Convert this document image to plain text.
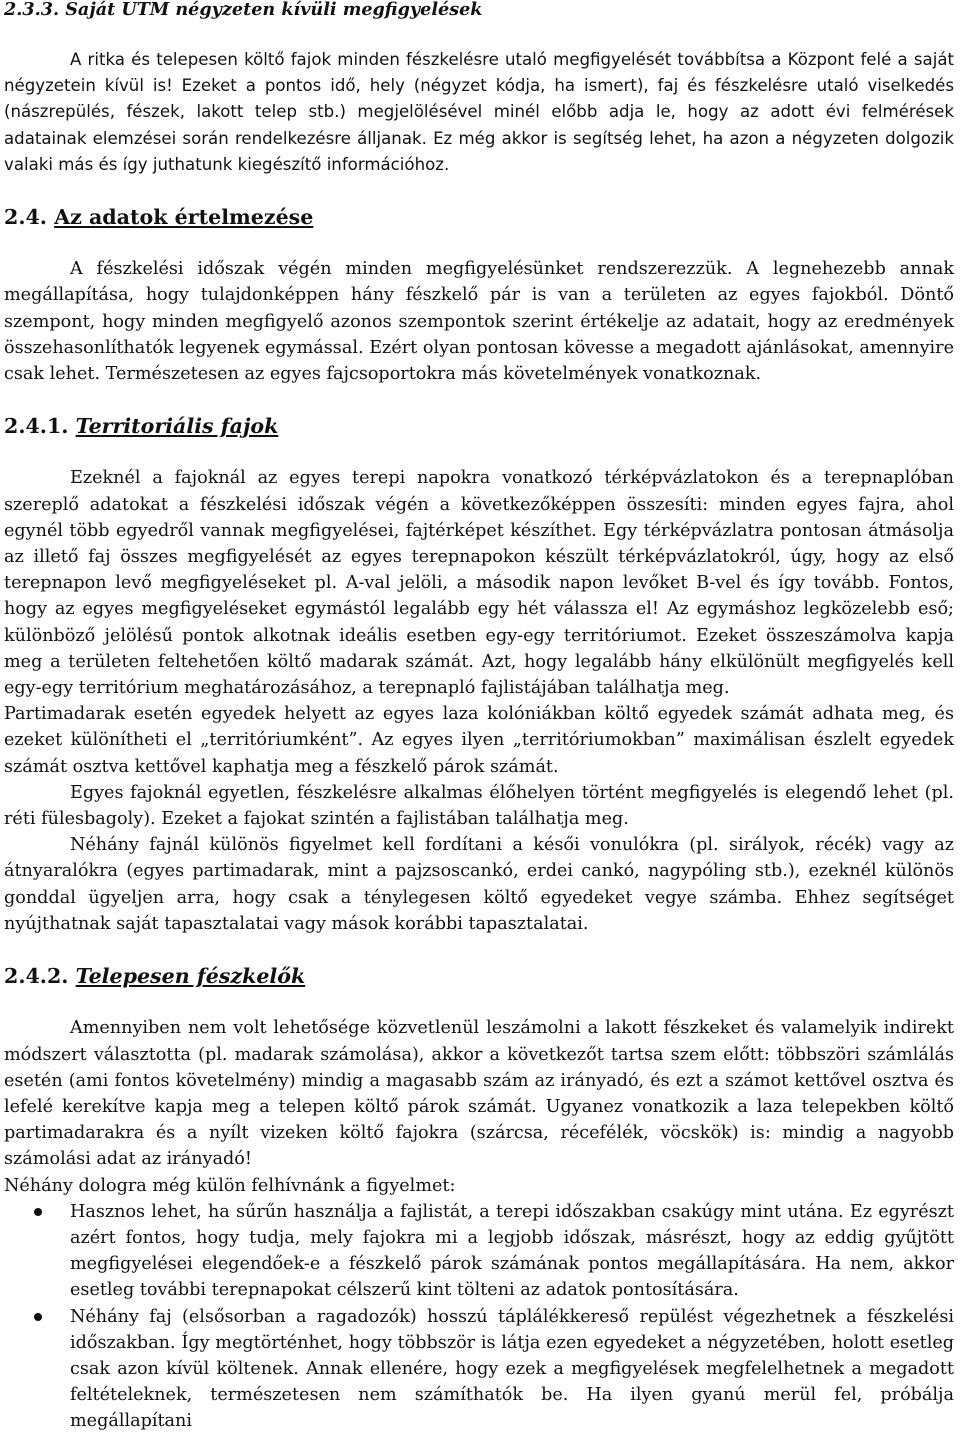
2.3.3. Saját UTM négyzeten kívüli megfigyelések

A ritka és telepesen költő fajok minden fészkelésre utaló megfigyelését továbbítsa a Központ felé a saját négyzetein kívül is! Ezeket a pontos idő, hely (négyzet kódja, ha ismert), faj és fészkelésre utaló viselkedés (nászrepülés, fészek, lakott telep stb.) megjelölésével minél előbb adja le, hogy az adott évi felmérések adatainak elemzései során rendelkezésre álljanak. Ez még akkor is segítség lehet, ha azon a négyzeten dolgozik valaki más és így juthatunk kiegészítő információhoz.

2.4. Az adatok értelmezése

A fészkelési időszak végén minden megfigyelésünket rendszerezzük. A legnehezebb annak megállapítása, hogy tulajdonképpen hány fészkelő pár is van a területen az egyes fajokból. Döntő szempont, hogy minden megfigyelő azonos szempontok szerint értékelje az adatait, hogy az eredmények összehasonlíthatók legyenek egymással. Ezért olyan pontosan kövesse a megadott ajánlásokat, amennyire csak lehet. Természetesen az egyes fajcsoportokra más követelmények vonatkoznak.

2.4.1. Territoriális fajok

Ezeknél a fajoknál az egyes terepi napokra vonatkozó térképvázlatokon és a terepnaplóban szereplő adatokat a fészkelési időszak végén a következőképpen összesíti: minden egyes fajra, ahol egynél több egyedről vannak megfigyelései, fajtérképet készíthet. Egy térképvázlatra pontosan átmásolja az illető faj összes megfigyelését az egyes terepnapokon készült térképvázlatokról, úgy, hogy az első terepnapon levő megfigyeléseket pl. A-val jelöli, a második napon levőket B-vel és így tovább. Fontos, hogy az egyes megfigyeléseket egymástól legalább egy hét válassza el! Az egymáshoz legközelebb eső; különböző jelölésű pontok alkotnak ideális esetben egy-egy territóriumot. Ezeket összeszámolva kapja meg a területen feltehetően költő madarak számát. Azt, hogy legalább hány elkülönült megfigyelés kell egy-egy territórium meghatározásához, a terepnapló fajlistájában találhatja meg.

Partimadarak esetén egyedek helyett az egyes laza kolóniákban költő egyedek számát adhata meg, és ezeket különítheti el „territóriumként”. Az egyes ilyen „territóriumokban” maximálisan észlelt egyedek számát osztva kettővel kaphatja meg a fészkelő párok számát.

Egyes fajoknál egyetlen, fészkelésre alkalmas élőhelyen történt megfigyelés is elegendő lehet (pl. réti fülesbagoly). Ezeket a fajokat szintén a fajlistában találhatja meg.

Néhány fajnál különös figyelmet kell fordítani a késői vonulókra (pl. sirályok, récék) vagy az átnyaralókra (egyes partimadarak, mint a pajzsoscankó, erdei cankó, nagypóling stb.), ezeknél különös gonddal ügyeljen arra, hogy csak a ténylegesen költő egyedeket vegye számba. Ehhez segítséget nyújthatnak saját tapasztalatai vagy mások korábbi tapasztalatai.

2.4.2. Telepesen fészkelők

Amennyiben nem volt lehetősége közvetlenül leszámolni a lakott fészkeket és valamelyik indirekt módszert választotta (pl. madarak számolása), akkor a következőt tartsa szem előtt: többszöri számlálás esetén (ami fontos követelmény) mindig a magasabb szám az irányadó, és ezt a számot kettővel osztva és lefelé kerekítve kapja meg a telepen költő párok számát. Ugyanez vonatkozik a laza telepekben költő partimadarakra és a nyílt vizeken költő fajokra (szárcsa, récefélék, vöcskök) is: mindig a nagyobb számolási adat az irányadó!

Néhány dologra még külön felhívnánk a figyelmet:

Hasznos lehet, ha sűrűn használja a fajlistát, a terepi időszakban csakúgy mint utána. Ez egyrészt azért fontos, hogy tudja, mely fajokra mi a legjobb időszak, másrészt, hogy az eddig gyűjtött megfigyelései elegendőek-e a fészkelő párok számának pontos megállapítására. Ha nem, akkor esetleg további terepnapokat célszerű kint tölteni az adatok pontosítására.
Néhány faj (elsősorban a ragadozók) hosszú táplálékkereső repülést végezhetnek a fészkelési időszakban. Így megtörténhet, hogy többször is látja ezen egyedeket a négyzetében, holott esetleg csak azon kívül költenek. Annak ellenére, hogy ezek a megfigyelések megfelelhetnek a megadott feltételeknek, természetesen nem számíthatók be. Ha ilyen gyanú merül fel, próbálja megállapítani
